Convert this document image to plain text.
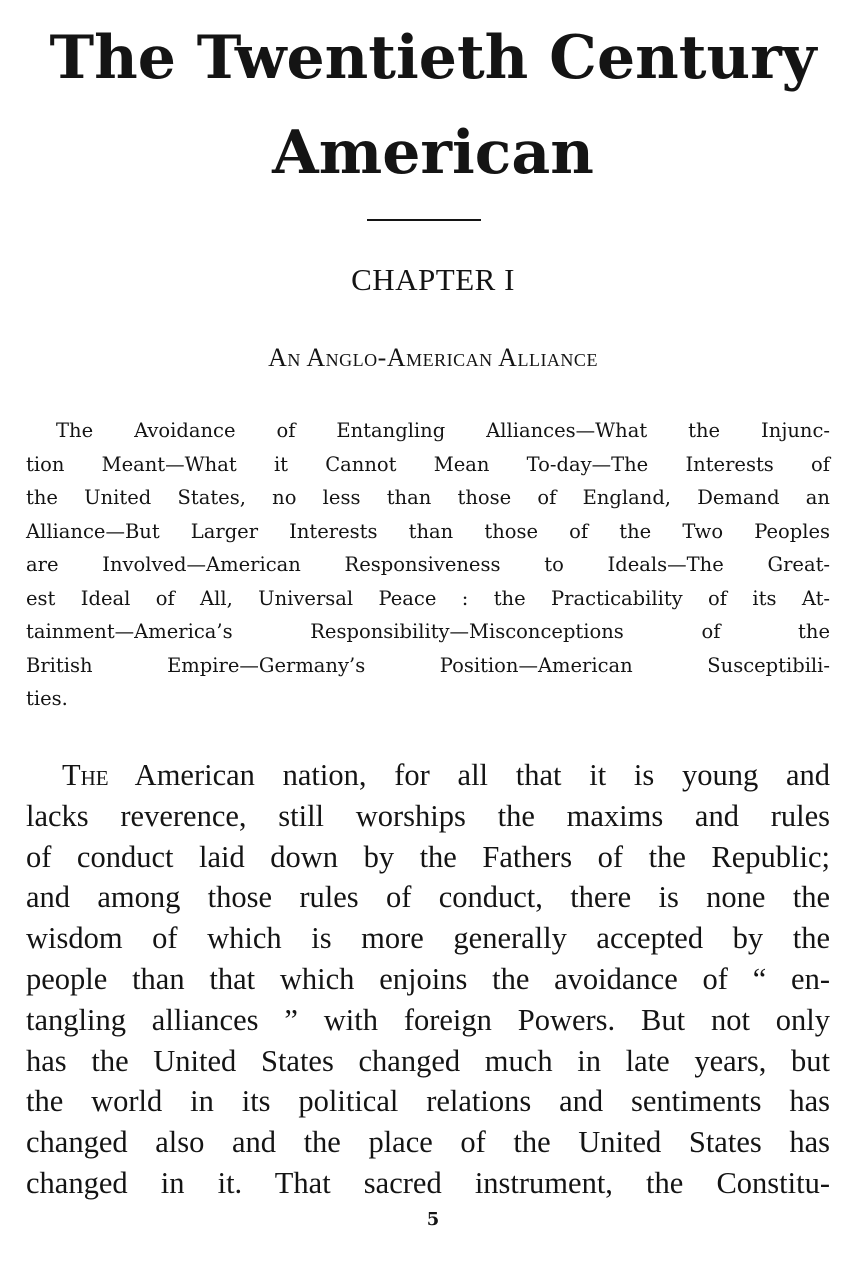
The Twentieth Century
American
CHAPTER I
An Anglo-American Alliance
The Avoidance of Entangling Alliances—What the Injunc-
tion Meant—What it Cannot Mean To-day—The Interests of
the United States, no less than those of England, Demand an
Alliance—But Larger Interests than those of the Two Peoples
are Involved—American Responsiveness to Ideals—The Great-
est Ideal of All, Universal Peace : the Practicability of its At-
tainment—America’s Responsibility—Misconceptions of the
British Empire—Germany’s Position—American Susceptibili-
ties.
The American nation, for all that it is young and
lacks reverence, still worships the maxims and rules
of conduct laid down by the Fathers of the Republic;
and among those rules of conduct, there is none the
wisdom of which is more generally accepted by the
people than that which enjoins the avoidance of “ en-
tangling alliances ” with foreign Powers. But not only
has the United States changed much in late years, but
the world in its political relations and sentiments has
changed also and the place of the United States has
changed in it. That sacred instrument, the Constitu-
5
